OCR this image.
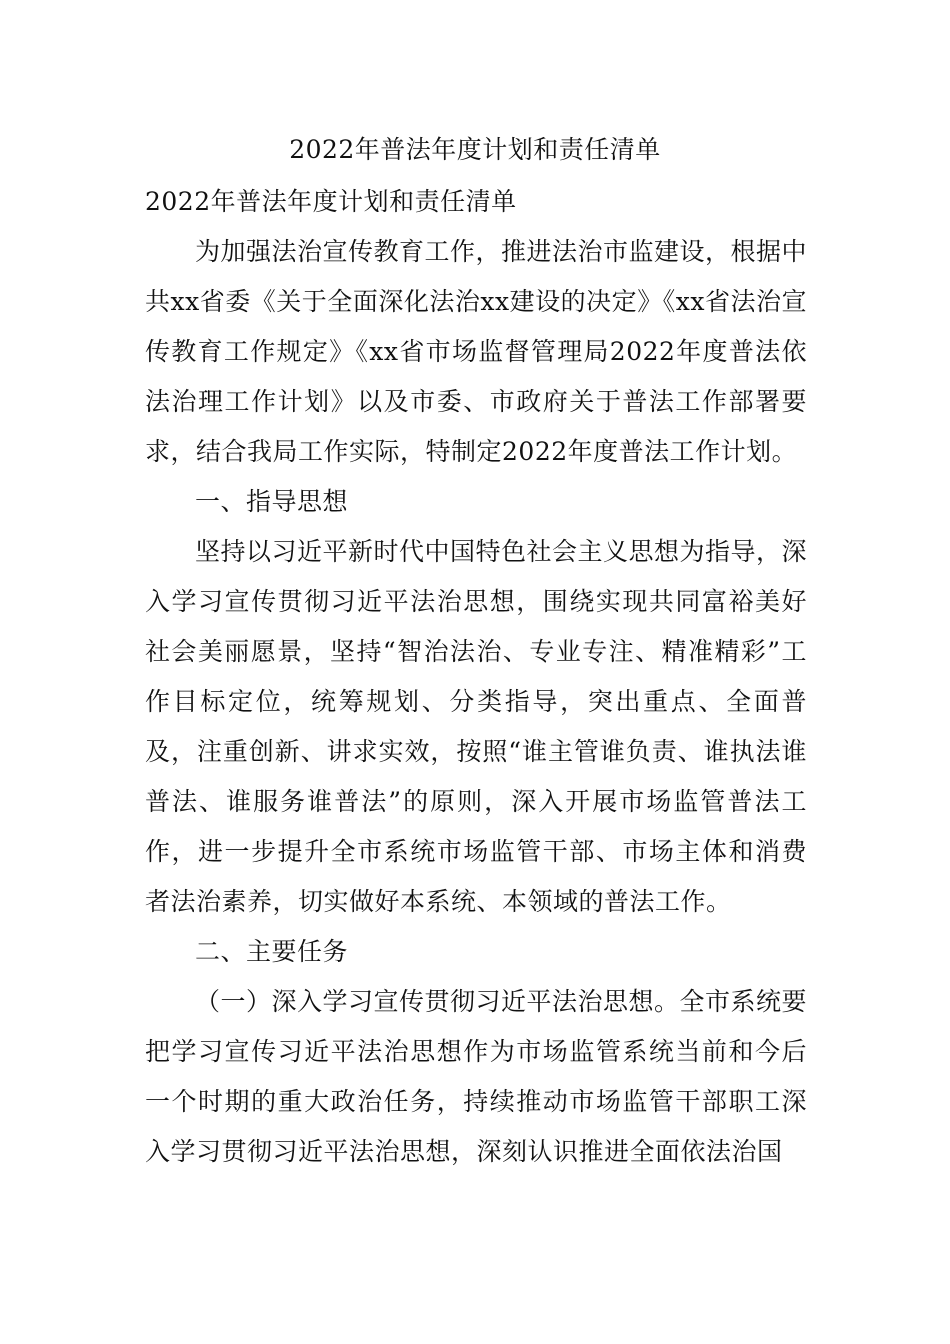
2022年普法年度计划和责任清单

2022年普法年度计划和责任清单

为加强法治宣传教育工作，推进法治市监建设，根据中共xx省委《关于全面深化法治xx建设的决定》《xx省法治宣传教育工作规定》《xx省市场监督管理局2022年度普法依法治理工作计划》以及市委、市政府关于普法工作部署要求，结合我局工作实际，特制定2022年度普法工作计划。

一、指导思想

坚持以习近平新时代中国特色社会主义思想为指导，深入学习宣传贯彻习近平法治思想，围绕实现共同富裕美好社会美丽愿景，坚持“智治法治、专业专注、精准精彩”工作目标定位，统筹规划、分类指导，突出重点、全面普及，注重创新、讲求实效，按照“谁主管谁负责、谁执法谁普法、谁服务谁普法”的原则，深入开展市场监管普法工作，进一步提升全市系统市场监管干部、市场主体和消费者法治素养，切实做好本系统、本领域的普法工作。

二、主要任务

（一）深入学习宣传贯彻习近平法治思想。全市系统要把学习宣传习近平法治思想作为市场监管系统当前和今后一个时期的重大政治任务，持续推动市场监管干部职工深入学习贯彻习近平法治思想，深刻认识推进全面依法治国
